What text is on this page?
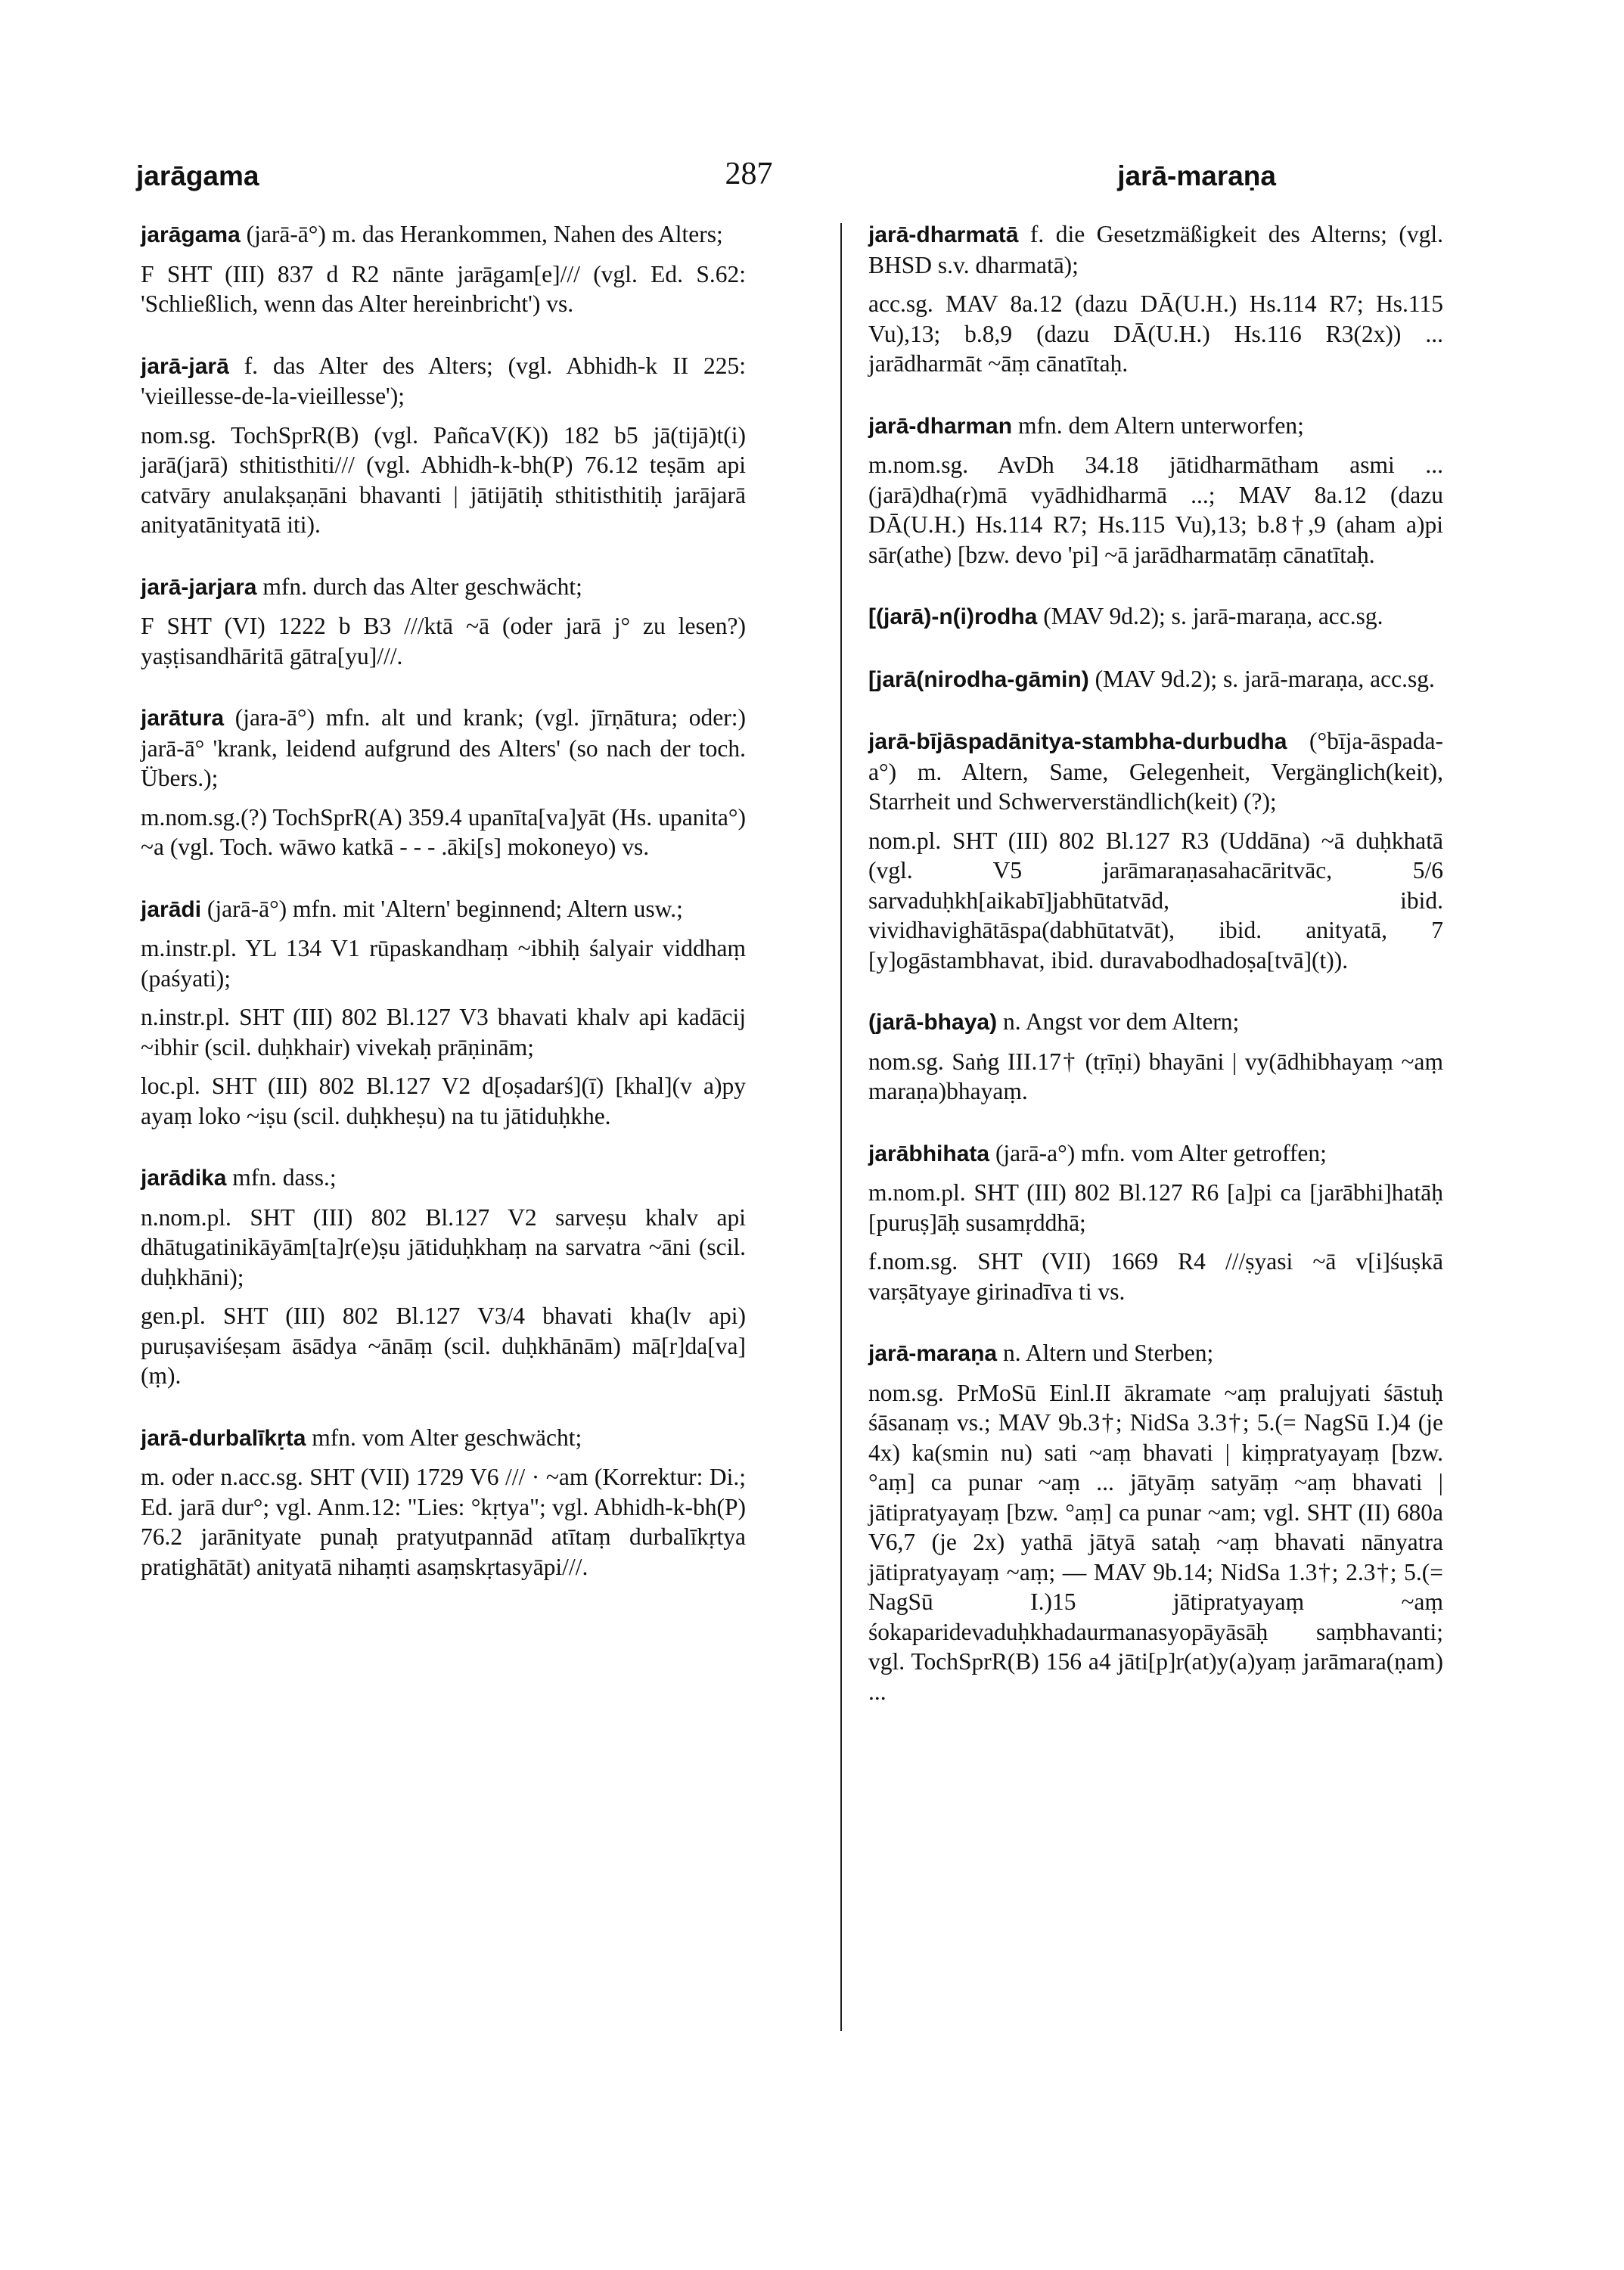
jarāgama	287	jarā-maraṇa

jarāgama (jarā-ā°) m. das Herankommen, Nahen des Alters;

F SHT (III) 837 d R2 nānte jarāgam[e]/// (vgl. Ed. S.62: 'Schließlich, wenn das Alter hereinbricht') vs.

jarā-jarā f. das Alter des Alters; (vgl. Abhidh-k II 225: 'vieillesse-de-la-vieillesse');

nom.sg. TochSprR(B) (vgl. PañcaV(K)) 182 b5 jā(tijā)t(i) jarā(jarā) sthitisthiti/// (vgl. Abhidh-k-bh(P) 76.12 teṣām api catvāry anulakṣaṇāni bhavanti | jātijātiḥ sthitisthitiḥ jarājarā anityatānityatā iti).

jarā-jarjara mfn. durch das Alter geschwächt;

F SHT (VI) 1222 b B3 ///ktā ~ā (oder jarā j° zu lesen?) yaṣṭisandhāritā gātra[yu]///.

jarātura (jara-ā°) mfn. alt und krank; (vgl. jīrṇātura; oder:) jarā-ā° 'krank, leidend aufgrund des Alters' (so nach der toch. Übers.);

m.nom.sg.(?) TochSprR(A) 359.4 upanīta[va]yāt (Hs. upanita°) ~a (vgl. Toch. wāwo katkā - - - .āki[s] mokoneyo) vs.

jarādi (jarā-ā°) mfn. mit 'Altern' beginnend; Altern usw.;

m.instr.pl. YL 134 V1 rūpaskandhaṃ ~ibhiḥ śalyair viddhaṃ (paśyati);

n.instr.pl. SHT (III) 802 Bl.127 V3 bhavati khalv api kadācij ~ibhir (scil. duḥkhair) vivekaḥ prāṇinām;

loc.pl. SHT (III) 802 Bl.127 V2 d[oṣadarś](ī) [khal](v a)py ayaṃ loko ~iṣu (scil. duḥkheṣu) na tu jātiduḥkhe.

jarādika mfn. dass.;

n.nom.pl. SHT (III) 802 Bl.127 V2 sarveṣu khalv api dhātugatinikāyām[ta]r(e)ṣu jātiduḥkhaṃ na sarvatra ~āni (scil. duḥkhāni);

gen.pl. SHT (III) 802 Bl.127 V3/4 bhavati kha(lv api) puruṣaviśeṣam āsādya ~ānāṃ (scil. duḥkhānām) mā[r]da[va](ṃ).

jarā-durbalīkṛta mfn. vom Alter geschwächt;

m. oder n.acc.sg. SHT (VII) 1729 V6 /// · ~am (Korrektur: Di.; Ed. jarā dur°; vgl. Anm.12: "Lies: °kṛtya"; vgl. Abhidh-k-bh(P) 76.2 jarānityate punaḥ pratyutpannād atītaṃ durbalīkṛtya pratighātāt) anityatā nihaṃti asaṃskṛtasyāpi///.

jarā-dharmatā f. die Gesetzmäßigkeit des Alterns; (vgl. BHSD s.v. dharmatā);

acc.sg. MAV 8a.12 (dazu DĀ(U.H.) Hs.114 R7; Hs.115 Vu),13; b.8,9 (dazu DĀ(U.H.) Hs.116 R3(2x)) ... jarādharmāt ~āṃ cānatītaḥ.

jarā-dharman mfn. dem Altern unterworfen;

m.nom.sg. AvDh 34.18 jātidharmātham asmi ... (jarā)dha(r)mā vyādhidharmā ...; MAV 8a.12 (dazu DĀ(U.H.) Hs.114 R7; Hs.115 Vu),13; b.8†,9 (aham a)pi sār(athe) [bzw. devo 'pi] ~ā jarādharmatāṃ cānatītaḥ.

[(jarā)-n(i)rodha (MAV 9d.2); s. jarā-maraṇa, acc.sg.

[jarā(nirodha-gāmin) (MAV 9d.2); s. jarā-maraṇa, acc.sg.

jarā-bījāspadānitya-stambha-durbudha (°bīja-āspada-a°) m. Altern, Same, Gelegenheit, Vergänglich(keit), Starrheit und Schwerverständlich(keit) (?);

nom.pl. SHT (III) 802 Bl.127 R3 (Uddāna) ~ā duḥkhatā (vgl. V5 jarāmaraṇasahacāritvāc, 5/6 sarvaduḥkh[aikabī]jabhūtatvād, ibid. vividhavighātāspa(dabhūtatvāt), ibid. anityatā, 7 [y]ogāstambhavat, ibid. duravabodhadoṣa[tvā](t)).

(jarā-bhaya) n. Angst vor dem Altern;

nom.sg. Saṅg III.17† (tṛīṇi) bhayāni | vy(ādhibhayaṃ ~aṃ maraṇa)bhayaṃ.

jarābhihata (jarā-a°) mfn. vom Alter getroffen;

m.nom.pl. SHT (III) 802 Bl.127 R6 [a]pi ca [jarābhi]hatāḥ [puruṣ]āḥ susamṛddhā;

f.nom.sg. SHT (VII) 1669 R4 ///ṣyasi ~ā v[i]śuṣkā varṣātyaye girinadīva ti vs.

jarā-maraṇa n. Altern und Sterben;

nom.sg. PrMoSū Einl.II ākramate ~aṃ pralujyati śāstuḥ śāsanaṃ vs.; MAV 9b.3†; NidSa 3.3†; 5.(= NagSū I.)4 (je 4x) ka(smin nu) sati ~aṃ bhavati | kiṃpratyayaṃ [bzw. °aṃ] ca punar ~aṃ ... jātyāṃ satyāṃ ~aṃ bhavati | jātipratyayaṃ [bzw. °aṃ] ca punar ~am; vgl. SHT (II) 680a V6,7 (je 2x) yathā jātyā sataḥ ~aṃ bhavati nānyatra jātipratyayaṃ ~aṃ; — MAV 9b.14; NidSa 1.3†; 2.3†; 5.(= NagSū I.)15 jātipratyayaṃ ~aṃ śokaparidevaduḥkhadaurmanasyopāyāsāḥ saṃbhavanti; vgl. TochSprR(B) 156 a4 jāti[p]r(at)y(a)yaṃ jarāmara(ṇam) ...
